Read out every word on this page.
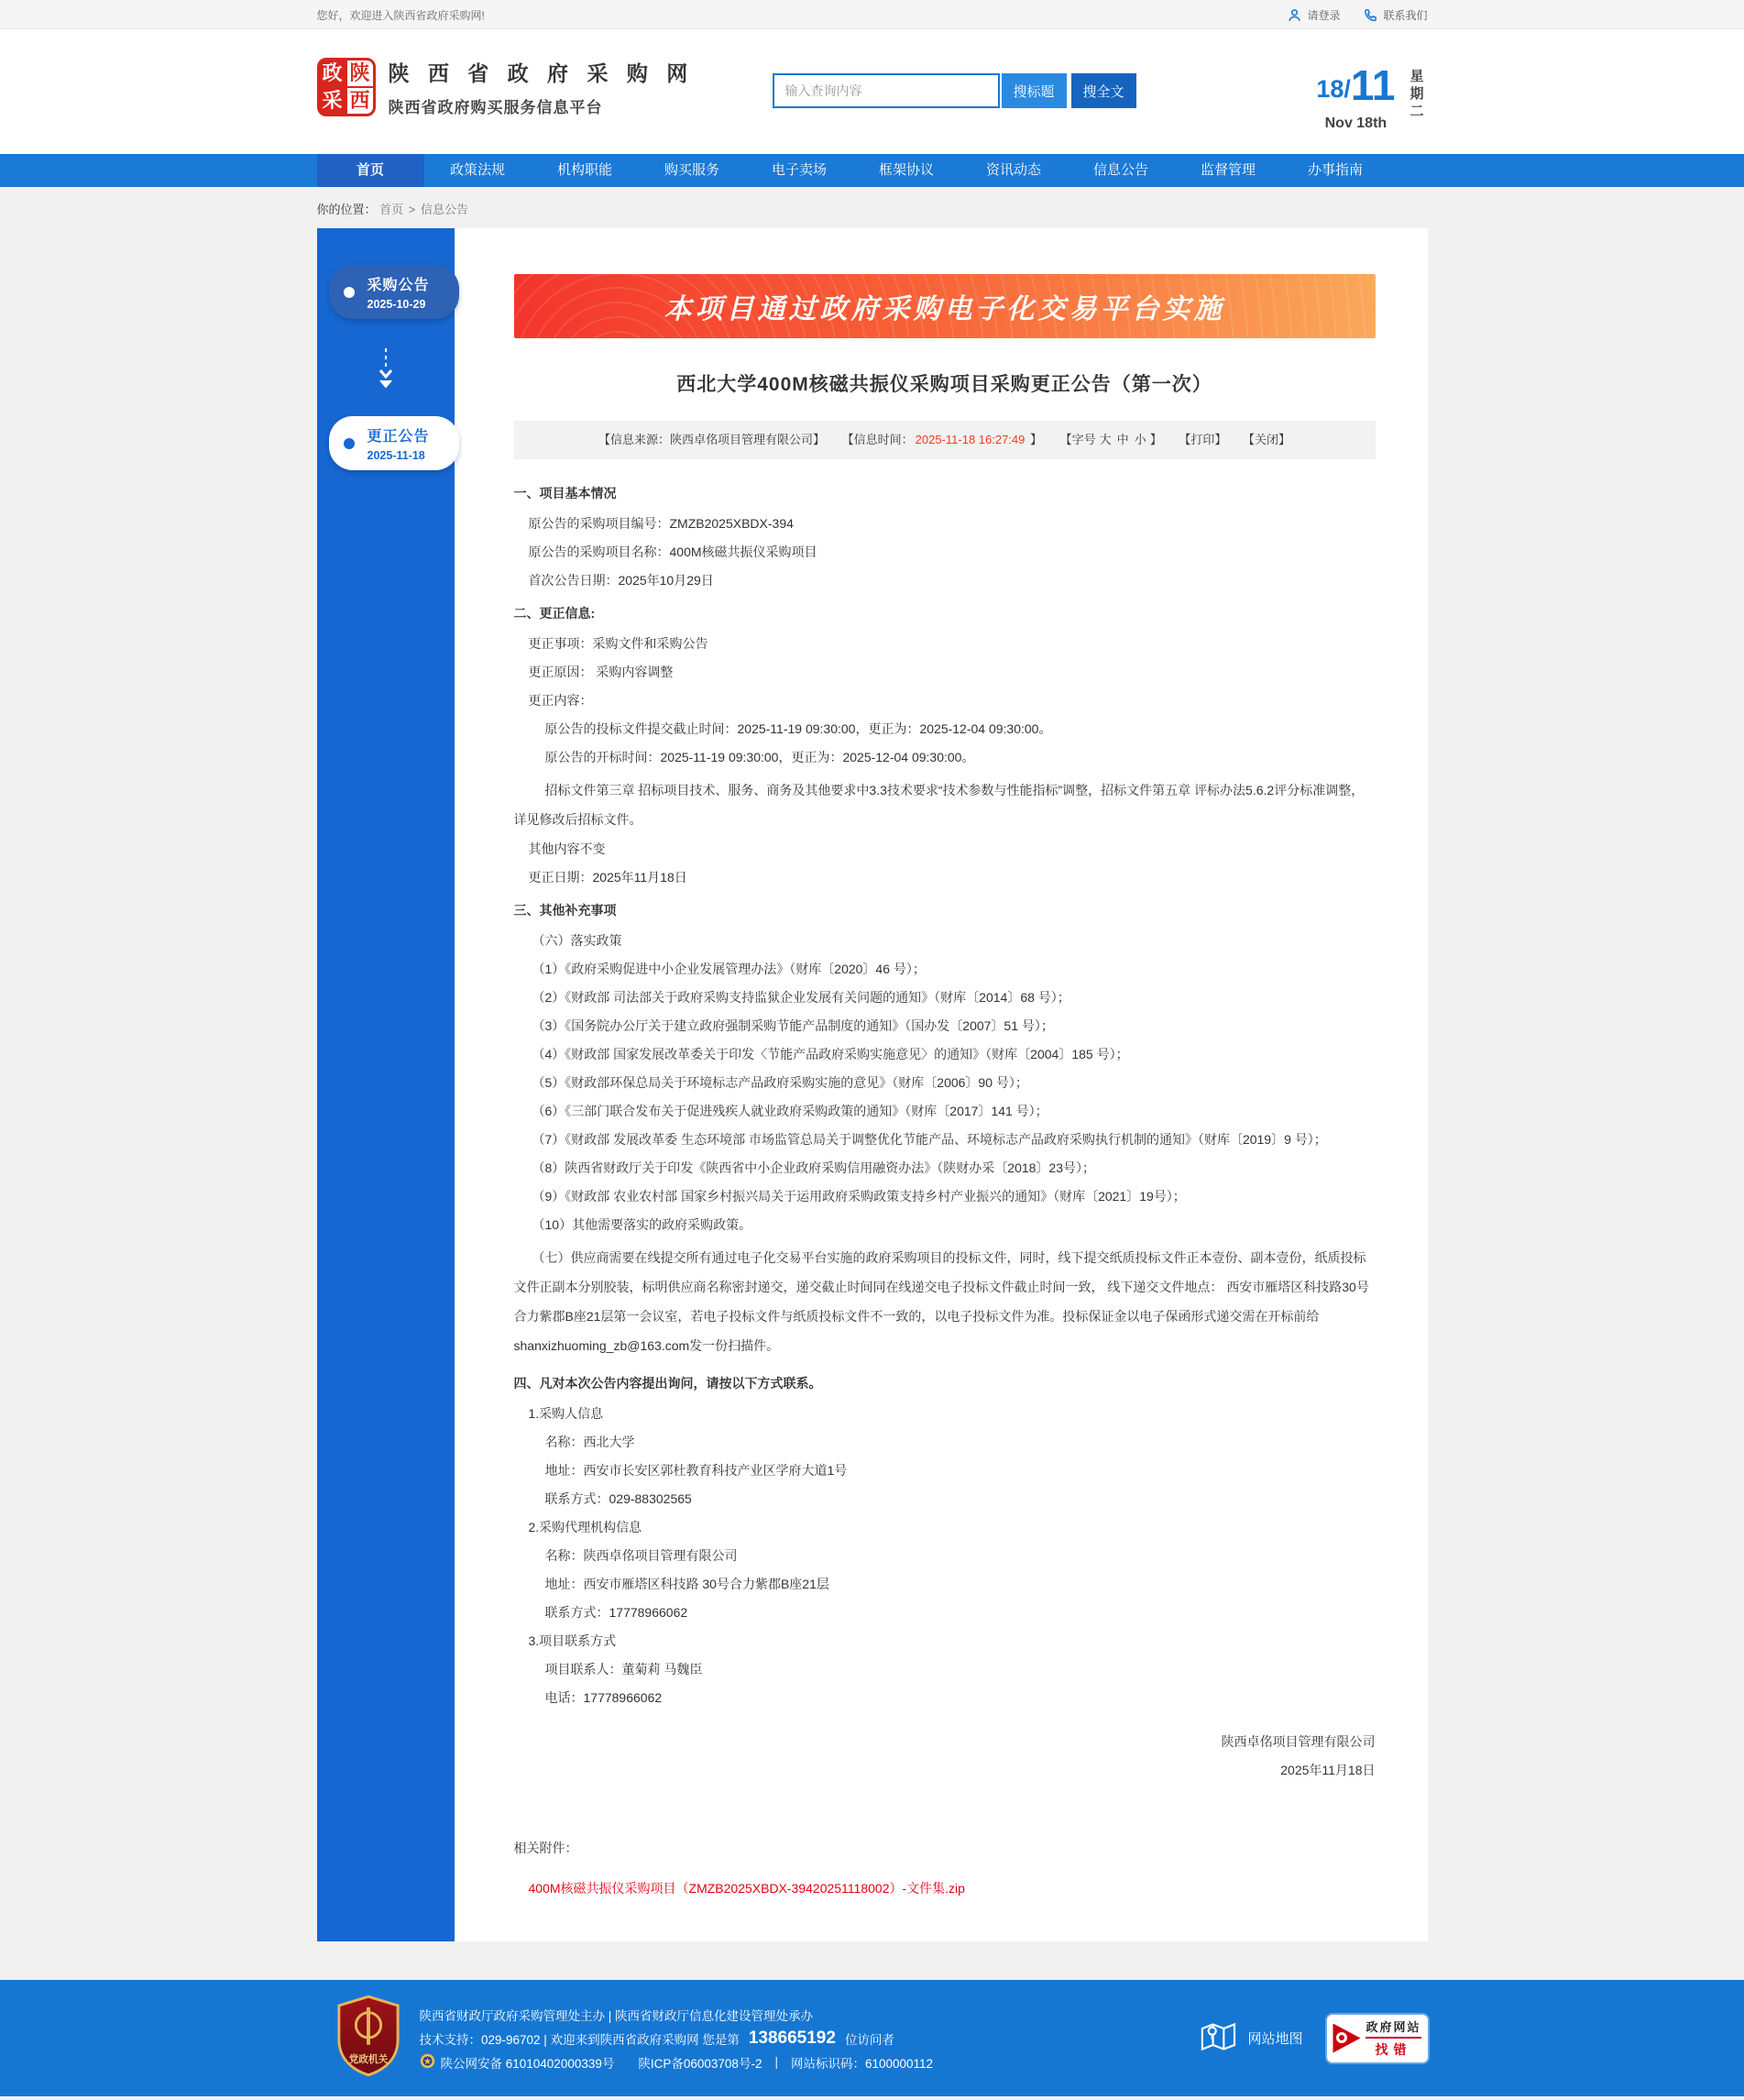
您好，欢迎进入陕西省政府采购网!	请登录	联系我们
政 陕
采 西
陕 西 省 政 府 采 购 网
陕西省政府购买服务信息平台
输入查询内容
搜标题	搜全文	18/ 11
Nov 18th
星期二
首页	政策法规	机构职能	购买服务	电子卖场	框架协议	资讯动态	信息公告	监督管理	办事指南
你的位置： 首页 > 信息公告
采购公告
2025-10-29
更正公告
2025-11-18
本项目通过政府采购电子化交易平台实施
西北大学400M核磁共振仪采购项目采购更正公告（第一次）
【信息来源：陕西卓佲项目管理有限公司】 【信息时间： 2025-11-18 16:27:49 】 【字号 大 中 小 】 【打印】 【关闭】

一、项目基本情况

原公告的采购项目编号：ZMZB2025XBDX-394

原公告的采购项目名称：400M核磁共振仪采购项目

首次公告日期：2025年10月29日

二、更正信息:

更正事项：采购文件和采购公告

更正原因： 采购内容调整

更正内容：

原公告的投标文件提交截止时间：2025-11-19 09:30:00，更正为：2025-12-04 09:30:00。

原公告的开标时间：2025-11-19 09:30:00，更正为：2025-12-04 09:30:00。

招标文件第三章 招标项目技术、服务、商务及其他要求中3.3技术要求“技术参数与性能指标”调整，招标文件第五章 评标办法5.6.2评分标准调整，详见修改后招标文件。

其他内容不变

更正日期：2025年11月18日

三、其他补充事项

（六）落实政策

（1）《政府采购促进中小企业发展管理办法》（财库〔2020〕46 号）；

（2）《财政部 司法部关于政府采购支持监狱企业发展有关问题的通知》（财库〔2014〕68 号）；

（3）《国务院办公厅关于建立政府强制采购节能产品制度的通知》（国办发〔2007〕51 号）；

（4）《财政部 国家发展改革委关于印发〈节能产品政府采购实施意见〉的通知》（财库〔2004〕185 号）；

（5）《财政部环保总局关于环境标志产品政府采购实施的意见》（财库〔2006〕90 号）；

（6）《三部门联合发布关于促进残疾人就业政府采购政策的通知》（财库〔2017〕141 号）；

（7）《财政部 发展改革委 生态环境部 市场监管总局关于调整优化节能产品、环境标志产品政府采购执行机制的通知》（财库〔2019〕9 号）；

（8）陕西省财政厅关于印发《陕西省中小企业政府采购信用融资办法》（陕财办采〔2018〕23号）；

（9）《财政部 农业农村部 国家乡村振兴局关于运用政府采购政策支持乡村产业振兴的通知》（财库〔2021〕19号）；

（10）其他需要落实的政府采购政策。

（七）供应商需要在线提交所有通过电子化交易平台实施的政府采购项目的投标文件，同时，线下提交纸质投标文件正本壹份、副本壹份，纸质投标文件正副本分别胶装，标明供应商名称密封递交，递交截止时间同在线递交电子投标文件截止时间一致， 线下递交文件地点： 西安市雁塔区科技路30号合力紫郡B座21层第一会议室，若电子投标文件与纸质投标文件不一致的，以电子投标文件为准。投标保证金以电子保函形式递交需在开标前给shanxizhuoming_zb@163.com发一份扫描件。

四、凡对本次公告内容提出询问，请按以下方式联系。

1.采购人信息

名称：西北大学

地址：西安市长安区郭杜教育科技产业区学府大道1号

联系方式：029-88302565

2.采购代理机构信息

名称：陕西卓佲项目管理有限公司

地址：西安市雁塔区科技路 30号合力紫郡B座21层

联系方式：17778966062

3.项目联系方式

项目联系人：董菊莉 马魏臣

电话：17778966062

陕西卓佲项目管理有限公司

2025年11月18日

相关附件：
400M核磁共振仪采购项目（ZMZB2025XBDX-39420251118002）-文件集.zip
党政机关
陕西省财政厅政府采购管理处主办 | 陕西省财政厅信息化建设管理处承办
技术支持：029-96702 | 欢迎来到陕西省政府采购网 您是第 138665192 位访问者
陕公网安备 61010402000339号 陕ICP备06003708号-2 | 网站标识码：6100000112
网站地图
政府网站
找错
